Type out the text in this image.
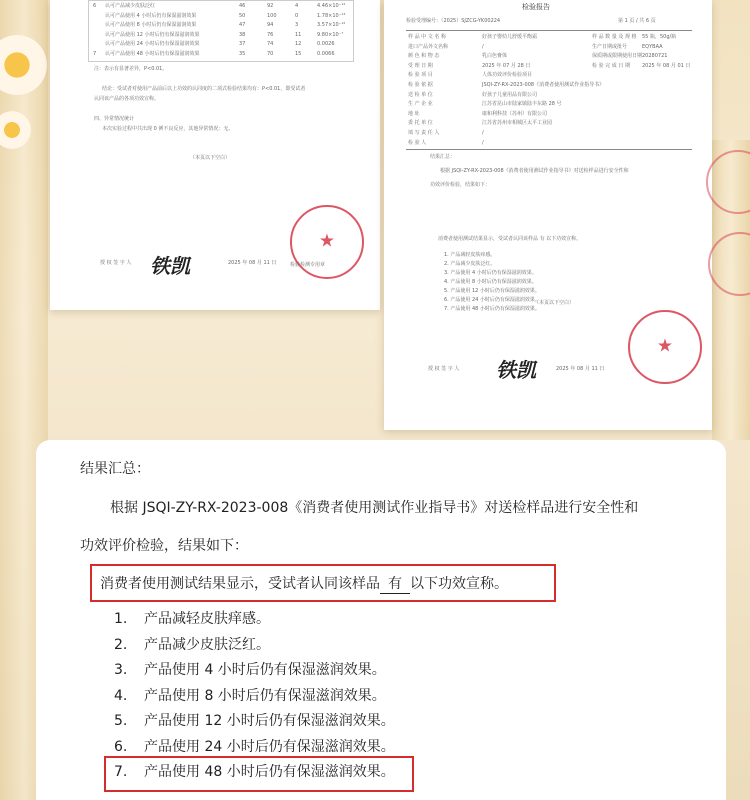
6 认可产品减少皮肤泛红	46	92	4	4.46×10⁻¹²
认可产品使用 4 小时后仍有保湿滋润效果	50	100	0	1.78×10⁻¹³
认可产品使用 8 小时后仍有保湿滋润效果	47	94	3	3.57×10⁻¹²
认可产品使用 12 小时后仍有保湿滋润效果	38	76	11	9.80×10⁻⁷
认可产品使用 24 小时后仍有保湿滋润效果	37	74	12	0.0026
7 认可产品使用 48 小时后仍有保湿滋润效果	35	70	15	0.0066
注：表示有显著差异，P<0.01。
结论：受试者对使用产品前后以上功效的认同度的二项式检验结果均有：P<0.01，即受试者
认同该产品的各项功效宣称。
四、异常情况统计
本次实验过程中共出现 0 例不良反应，其他异常情况：无。
（本页以下空白）
★
检验检测专用章
授 权 签 字 人 铁凯	2025 年 08 月 11 日
检验报告
检验受理编号：（2025）SJZCG-YK00224	第 1 页 / 共 6 页
样 品 中 文 名 称	好孩子婴幼儿舒缓平衡霜
进口产品外文名称	/
颜 色 和 物 态	乳白色膏体
受 理 日 期	2025 年 07 月 28 日
检 验 项 目	人体功效评价检验项目
检 验 依 据	JSQI-ZY-RX-2023-008《消费者使用测试作业指导书》
送 检 单 位	好孩子儿童用品有限公司
生 产 企 业	江苏省昆山市陆家镇陆丰东路 28 号
地 址	康和利科技（苏州）有限公司
委 托 单 位	江苏省苏州市相城区太平工业园
填 写 责 任 人	/
检 验 人	/
样 品 数 量 及 规 格 55 瓶，50g/瓶
生产日期或批号	EQYBAA
保质期或限期使用日期 20280721
检 验 完 成 日 期 2025 年 08 月 01 日
结果汇总：
根据 JSQI-ZY-RX-2023-008《消费者使用测试作业指导书》对送检样品进行安全性和
功效评价检验，结果如下：
消费者使用测试结果显示，受试者认同该样品 有 以下功效宣称。
1. 产品减轻皮肤痒感。
2. 产品减少皮肤泛红。
3. 产品使用 4 小时后仍有保湿滋润效果。
4. 产品使用 8 小时后仍有保湿滋润效果。
5. 产品使用 12 小时后仍有保湿滋润效果。
6. 产品使用 24 小时后仍有保湿滋润效果。
7. 产品使用 48 小时后仍有保湿滋润效果。
（本页以下空白）
授 权 签 字 人 铁凯	2025 年 08 月 11 日
★
结果汇总：
根据 JSQI-ZY-RX-2023-008《消费者使用测试作业指导书》对送检样品进行安全性和
功效评价检验，结果如下：
消费者使用测试结果显示，受试者认同该样品 有 以下功效宣称。
1. 产品减轻皮肤痒感。
2. 产品减少皮肤泛红。
3. 产品使用 4 小时后仍有保湿滋润效果。
4. 产品使用 8 小时后仍有保湿滋润效果。
5. 产品使用 12 小时后仍有保湿滋润效果。
6. 产品使用 24 小时后仍有保湿滋润效果。
7. 产品使用 48 小时后仍有保湿滋润效果。
